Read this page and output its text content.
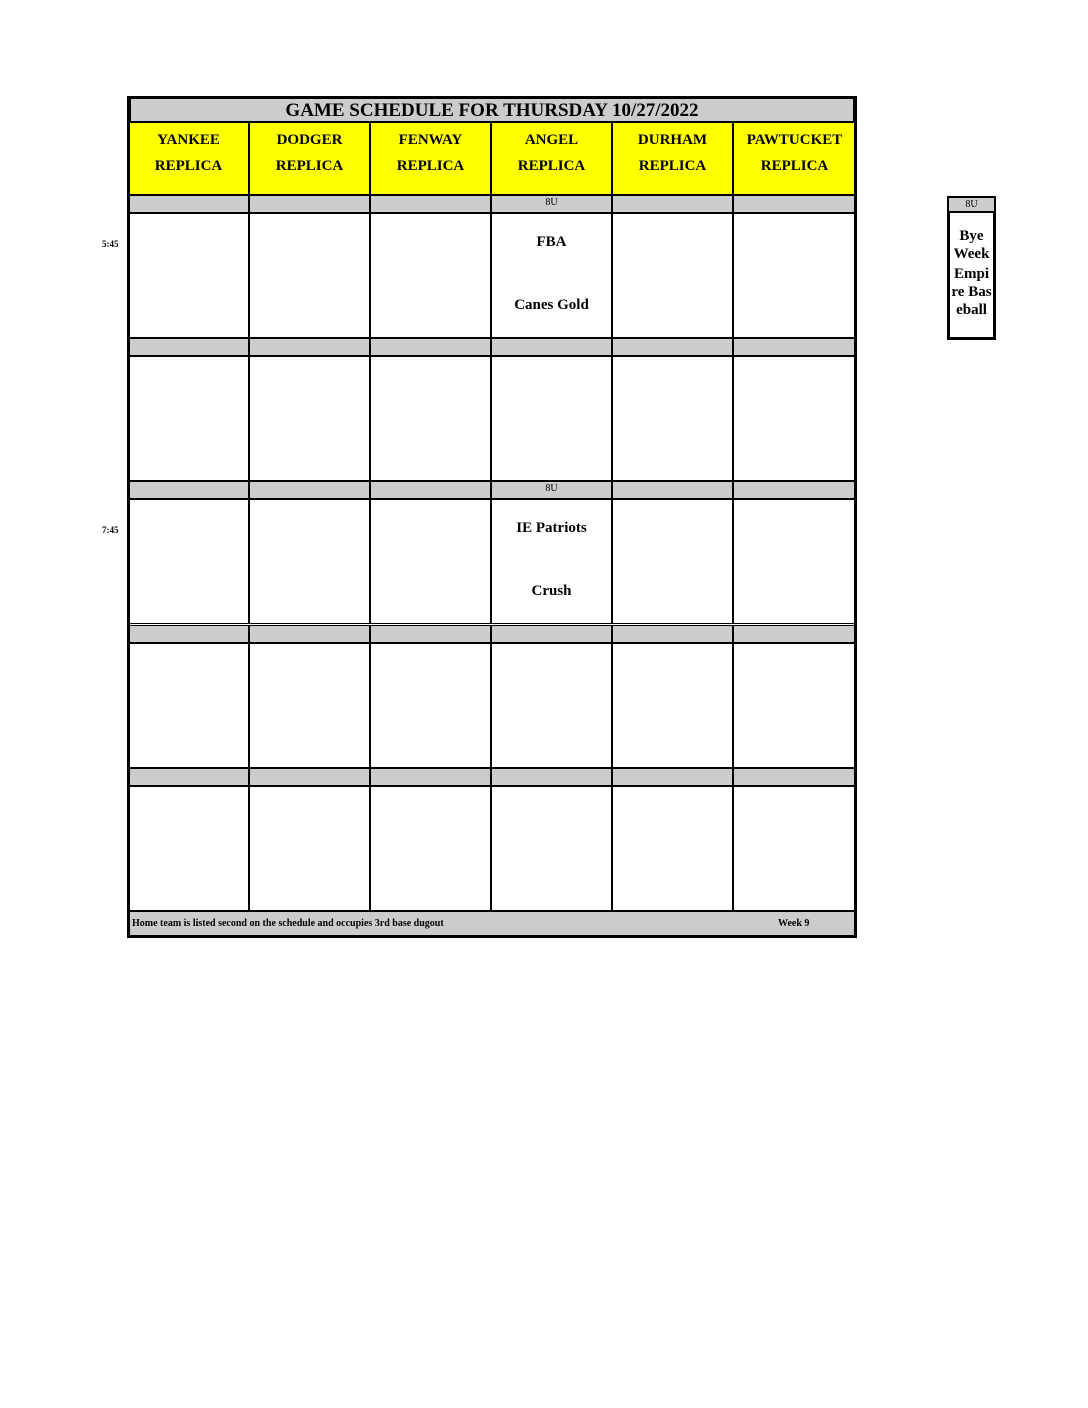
GAME SCHEDULE FOR THURSDAY 10/27/2022
YANKEE
REPLICA
DODGER
REPLICA
FENWAY
REPLICA
ANGEL
REPLICA
DURHAM
REPLICA
PAWTUCKET
REPLICA
5:45
8U
FBA
Canes Gold
7:45
8U
IE Patriots
Crush
Home team is listed second on the schedule and occupies 3rd base dugout	Week 9
8U
Bye Week
Empire Baseball
